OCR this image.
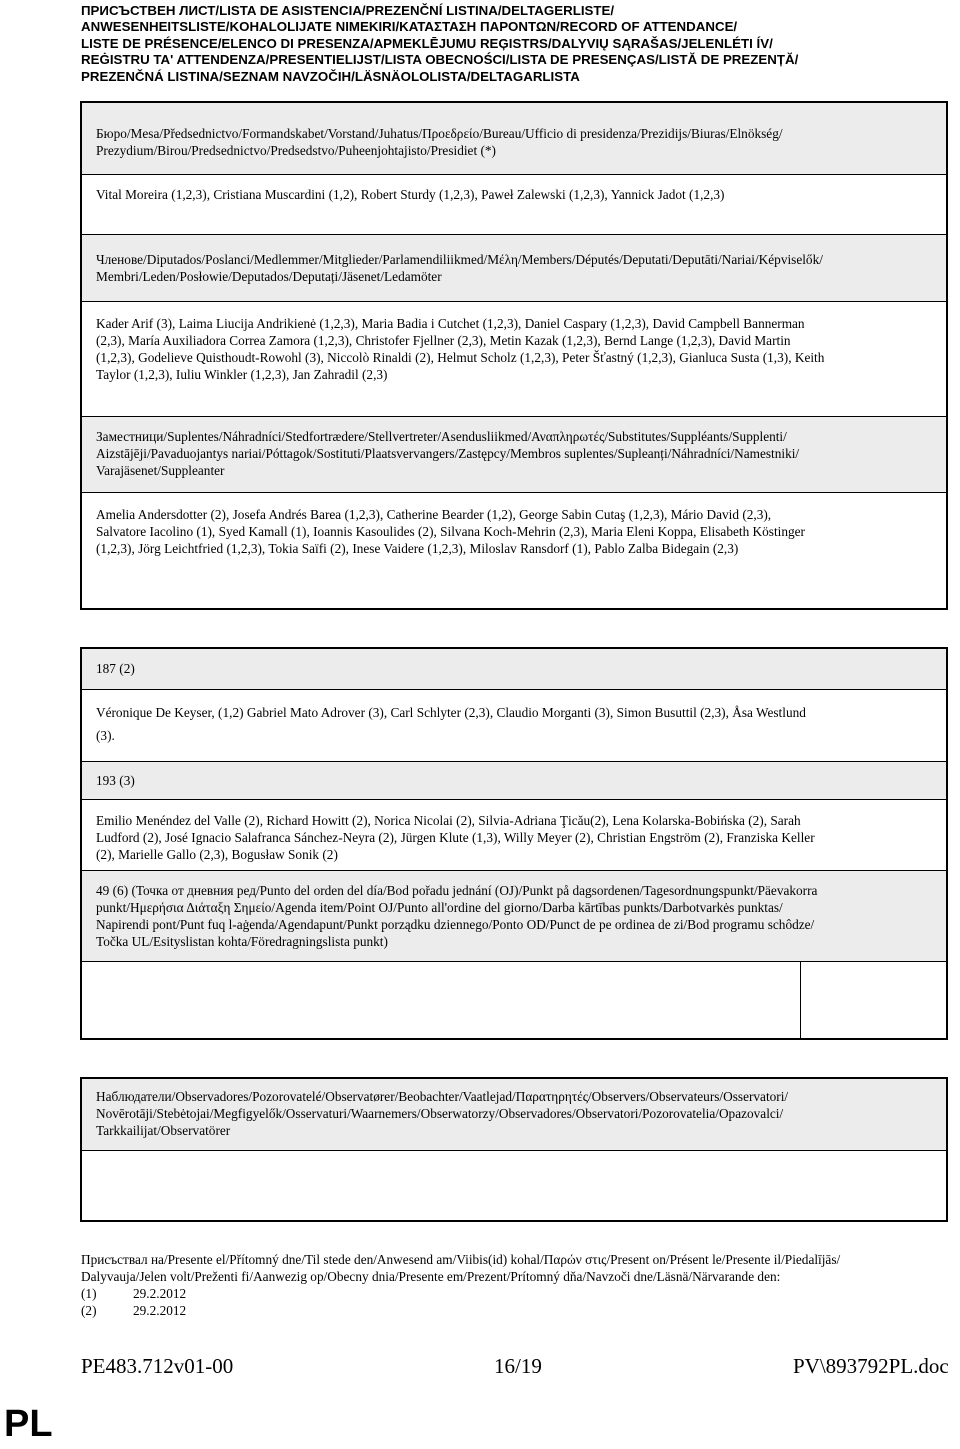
ПРИСЪСТВЕН ЛИСТ/LISTA DE ASISTENCIA/PREZENČNÍ LISTINA/DELTAGERLISTE/
ANWESENHEITSLISTE/KOHALOLIJATE NIMEKIRI/ΚΑΤΑΣΤΑΣΗ ΠΑΡΟΝΤΩΝ/RECORD OF ATTENDANCE/
LISTE DE PRÉSENCE/ELENCO DI PRESENZA/APMEKLĒJUMU REĢISTRS/DALYVIŲ SĄRAŠAS/JELENLÉTI ÍV/
REĠISTRU TA' ATTENDENZA/PRESENTIELIJST/LISTA OBECNOŚCI/LISTA DE PRESENÇAS/LISTĂ DE PREZENȚĂ/
PREZENČNÁ LISTINA/SEZNAM NAVZOČIH/LÄSNÄOLOLISTA/DELTAGARLISTA
Бюро/Mesa/Předsednictvo/Formandskabet/Vorstand/Juhatus/Προεδρείο/Bureau/Ufficio di presidenza/Prezidijs/Biuras/Elnökség/
Prezydium/Birou/Predsednictvo/Predsedstvo/Puheenjohtajisto/Presidiet (*)
Vital Moreira (1,2,3), Cristiana Muscardini (1,2), Robert Sturdy (1,2,3), Paweł Zalewski (1,2,3), Yannick Jadot (1,2,3)
Членове/Diputados/Poslanci/Medlemmer/Mitglieder/Parlamendiliikmed/Μέλη/Members/Députés/Deputati/Deputāti/Nariai/Képviselők/
Membri/Leden/Posłowie/Deputados/Deputați/Jäsenet/Ledamöter
Kader Arif (3), Laima Liucija Andrikienė (1,2,3), Maria Badia i Cutchet (1,2,3), Daniel Caspary (1,2,3), David Campbell Bannerman
(2,3), María Auxiliadora Correa Zamora (1,2,3), Christofer Fjellner (2,3), Metin Kazak (1,2,3), Bernd Lange (1,2,3), David Martin
(1,2,3), Godelieve Quisthoudt-Rowohl (3), Niccolò Rinaldi (2), Helmut Scholz (1,2,3), Peter Šťastný (1,2,3), Gianluca Susta (1,3), Keith
Taylor (1,2,3), Iuliu Winkler (1,2,3), Jan Zahradil (2,3)
Заместници/Suplentes/Náhradníci/Stedfortrædere/Stellvertreter/Asendusliikmed/Αναπληρωτές/Substitutes/Suppléants/Supplenti/
Aizstājēji/Pavaduojantys nariai/Póttagok/Sostituti/Plaatsvervangers/Zastępcy/Membros suplentes/Supleanți/Náhradníci/Namestniki/
Varajäsenet/Suppleanter
Amelia Andersdotter (2), Josefa Andrés Barea (1,2,3), Catherine Bearder (1,2), George Sabin Cutaş (1,2,3), Mário David (2,3),
Salvatore Iacolino (1), Syed Kamall (1), Ioannis Kasoulides (2), Silvana Koch-Mehrin (2,3), Maria Eleni Koppa, Elisabeth Köstinger
(1,2,3), Jörg Leichtfried (1,2,3), Tokia Saïfi (2), Inese Vaidere (1,2,3), Miloslav Ransdorf (1), Pablo Zalba Bidegain (2,3)
187 (2)
Véronique De Keyser, (1,2) Gabriel Mato Adrover (3), Carl Schlyter (2,3), Claudio Morganti (3), Simon Busuttil (2,3), Åsa Westlund
(3).
193 (3)
Emilio Menéndez del Valle (2), Richard Howitt (2), Norica Nicolai (2), Silvia-Adriana Ţicău(2), Lena Kolarska-Bobińska (2), Sarah
Ludford (2), José Ignacio Salafranca Sánchez-Neyra (2), Jürgen Klute (1,3), Willy Meyer (2), Christian Engström (2), Franziska Keller
(2), Marielle Gallo (2,3), Bogusław Sonik (2)
49 (6) (Точка от дневния ред/Punto del orden del día/Bod pořadu jednání (OJ)/Punkt på dagsordenen/Tagesordnungspunkt/Päevakorra
punkt/Ημερήσια Διάταξη Σημείο/Agenda item/Point OJ/Punto all'ordine del giorno/Darba kārtības punkts/Darbotvarkės punktas/
Napirendi pont/Punt fuq l-aġenda/Agendapunt/Punkt porządku dziennego/Ponto OD/Punct de pe ordinea de zi/Bod programu schôdze/
Točka UL/Esityslistan kohta/Föredragningslista punkt)
Наблюдатели/Observadores/Pozorovatelé/Observatører/Beobachter/Vaatlejad/Παρατηρητές/Observers/Observateurs/Osservatori/
Novērotāji/Stebėtojai/Megfigyelők/Osservaturi/Waarnemers/Obserwatorzy/Observadores/Observatori/Pozorovatelia/Opazovalci/
Tarkkailijat/Observatörer
Присъствал на/Presente el/Přítomný dne/Til stede den/Anwesend am/Viibis(id) kohal/Παρών στις/Present on/Présent le/Presente il/Piedalījās/
Dalyvauja/Jelen volt/Preženti fi/Aanwezig op/Obecny dnia/Presente em/Prezent/Prítomný dňa/Navzoči dne/Läsnä/Närvarande den:
(1)	29.2.2012
(2)	29.2.2012
PE483.712v01-00	16/19	PV\893792PL.doc
PL
